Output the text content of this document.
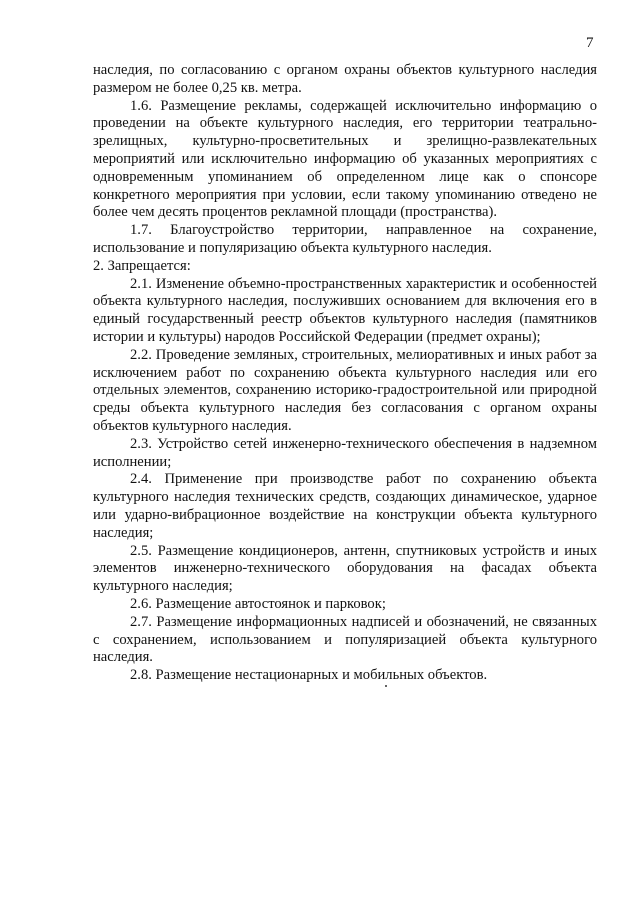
7

наследия, по согласованию с органом охраны объектов культурного наследия размером не более 0,25 кв. метра.

1.6. Размещение рекламы, содержащей исключительно информацию о проведении на объекте культурного наследия, его территории театрально-зрелищных, культурно-просветительных и зрелищно-развлекательных мероприятий или исключительно информацию об указанных мероприятиях с одновременным упоминанием об определенном лице как о спонсоре конкретного мероприятия при условии, если такому упоминанию отведено не более чем десять процентов рекламной площади (пространства).

1.7. Благоустройство территории, направленное на сохранение, использование и популяризацию объекта культурного наследия.

2. Запрещается:

2.1. Изменение объемно-пространственных характеристик и особенностей объекта культурного наследия, послуживших основанием для включения его в единый государственный реестр объектов культурного наследия (памятников истории и культуры) народов Российской Федерации (предмет охраны);

2.2. Проведение земляных, строительных, мелиоративных и иных работ за исключением работ по сохранению объекта культурного наследия или его отдельных элементов, сохранению историко-градостроительной или природной среды объекта культурного наследия без согласования с органом охраны объектов культурного наследия.

2.3. Устройство сетей инженерно-технического обеспечения в надземном исполнении;

2.4. Применение при производстве работ по сохранению объекта культурного наследия технических средств, создающих динамическое, ударное или ударно-вибрационное воздействие на конструкции объекта культурного наследия;

2.5. Размещение кондиционеров, антенн, спутниковых устройств и иных элементов инженерно-технического оборудования на фасадах объекта культурного наследия;

2.6. Размещение автостоянок и парковок;

2.7. Размещение информационных надписей и обозначений, не связанных с сохранением, использованием и популяризацией объекта культурного наследия.

2.8. Размещение нестационарных и мобильных объектов.
